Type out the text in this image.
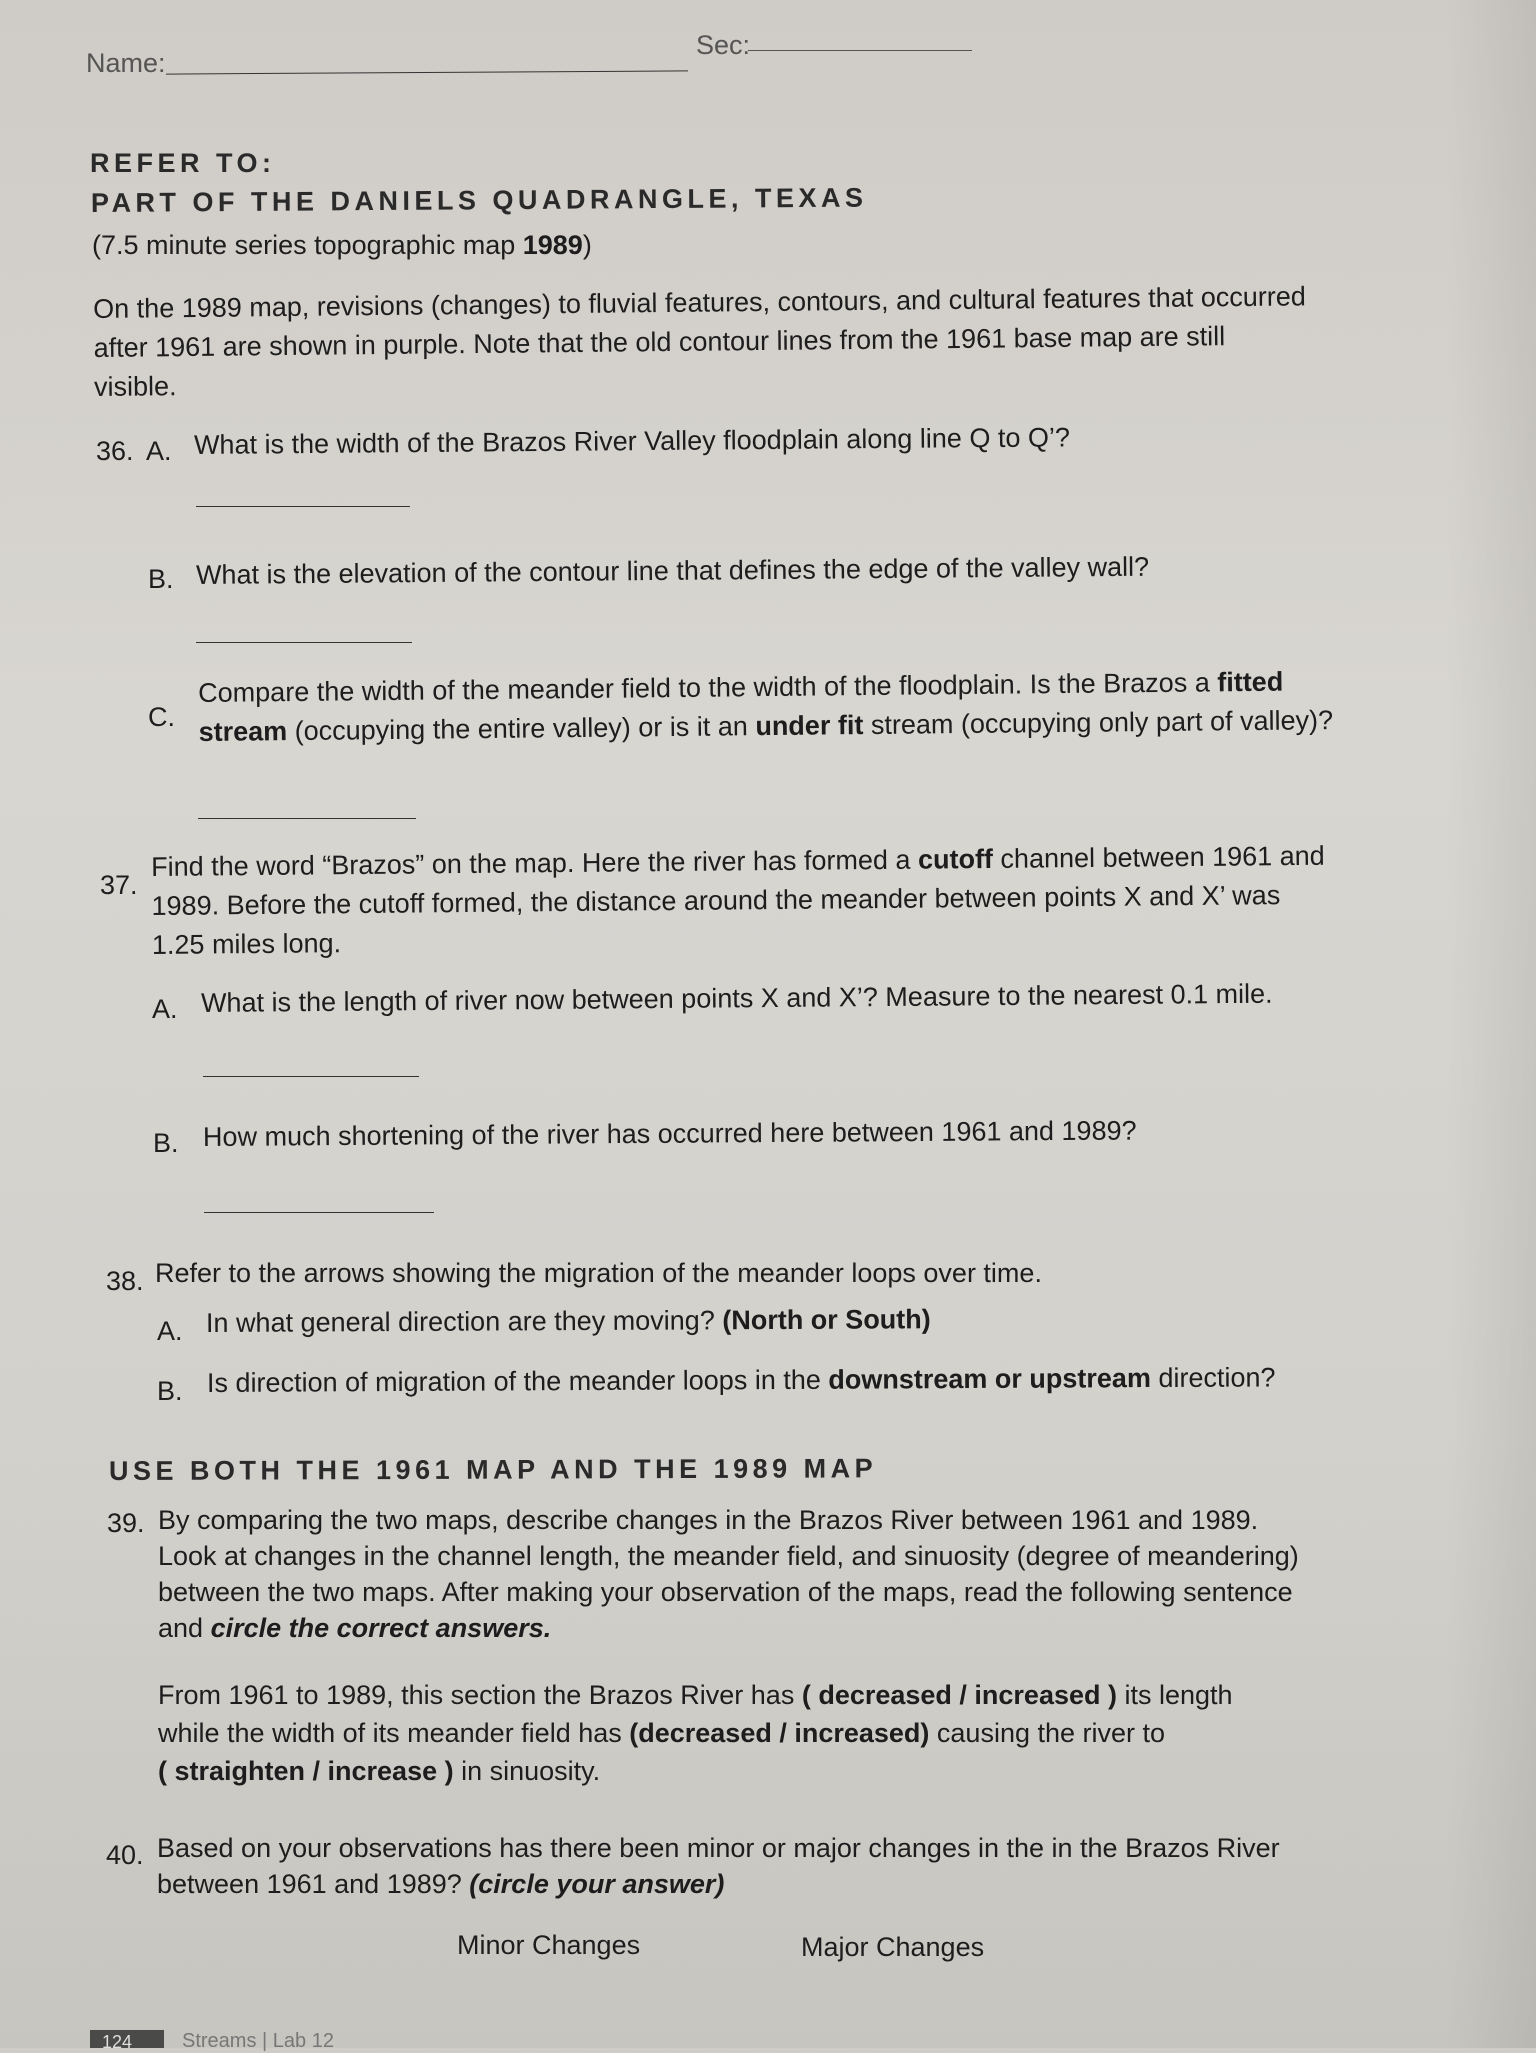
Name:
Sec:
REFER TO:
PART OF THE DANIELS QUADRANGLE, TEXAS
(7.5 minute series topographic map 1989)
On the 1989 map, revisions (changes) to fluvial features, contours, and cultural features that occurred
after 1961 are shown in purple. Note that the old contour lines from the 1961 base map are still
visible.
36. A. What is the width of the Brazos River Valley floodplain along line Q to Q’?
B. What is the elevation of the contour line that defines the edge of the valley wall?
C.
Compare the width of the meander field to the width of the floodplain. Is the Brazos a fitted
stream (occupying the entire valley) or is it an under fit stream (occupying only part of valley)?
37.
Find the word “Brazos” on the map. Here the river has formed a cutoff channel between 1961 and
1989. Before the cutoff formed, the distance around the meander between points X and X’ was
1.25 miles long.
A. What is the length of river now between points X and X’? Measure to the nearest 0.1 mile.
B. How much shortening of the river has occurred here between 1961 and 1989?
38. Refer to the arrows showing the migration of the meander loops over time.
A. In what general direction are they moving? (North or South)
B. Is direction of migration of the meander loops in the downstream or upstream direction?
USE BOTH THE 1961 MAP AND THE 1989 MAP
39. By comparing the two maps, describe changes in the Brazos River between 1961 and 1989.
Look at changes in the channel length, the meander field, and sinuosity (degree of meandering)
between the two maps. After making your observation of the maps, read the following sentence
and circle the correct answers.
From 1961 to 1989, this section the Brazos River has ( decreased / increased ) its length
while the width of its meander field has (decreased / increased) causing the river to
( straighten / increase ) in sinuosity.
40. Based on your observations has there been minor or major changes in the in the Brazos River
between 1961 and 1989? (circle your answer)
Minor Changes	Major Changes
124 Streams | Lab 12
